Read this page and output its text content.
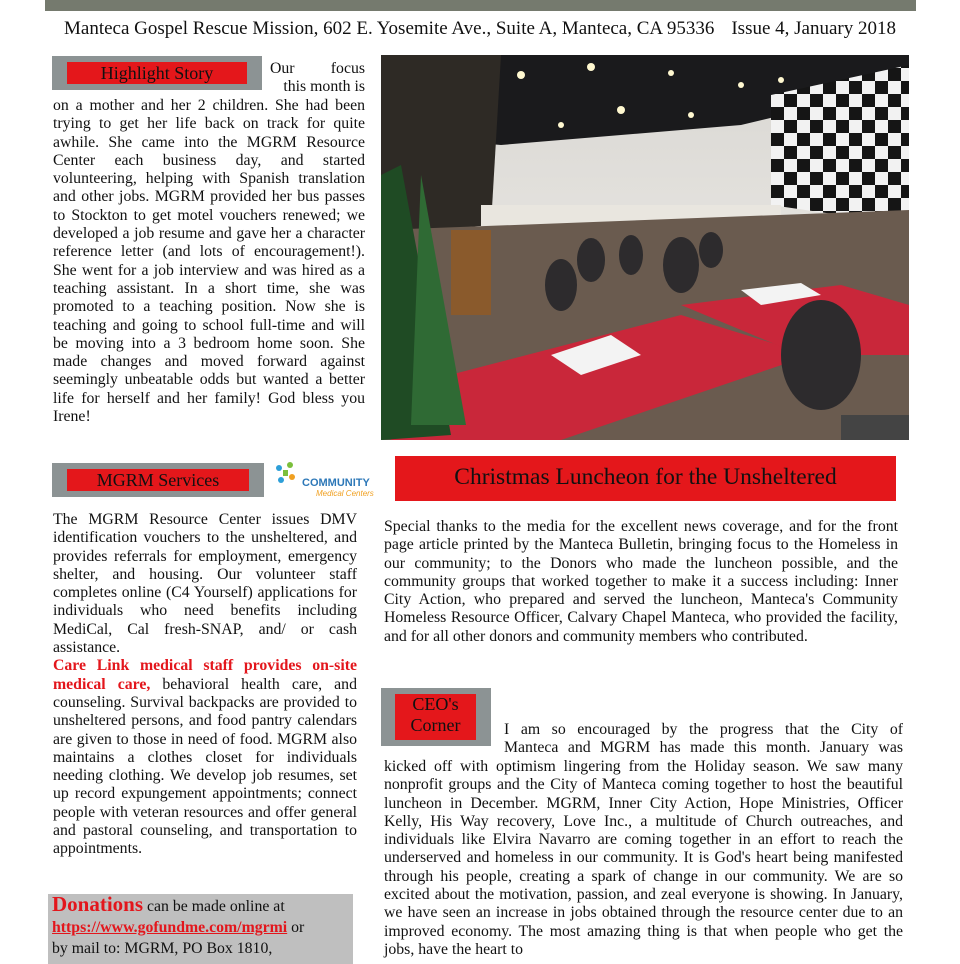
Manteca Gospel Rescue Mission, 602 E. Yosemite Ave., Suite A, Manteca, CA 95336 Issue 4, January 2018
Highlight Story	Our focus
this month is
on a mother and her 2 children. She had been trying to get her life back on track for quite awhile. She came into the MGRM Resource Center each business day, and started volunteering, helping with Spanish translation and other jobs. MGRM provided her bus passes to Stockton to get motel vouchers renewed; we developed a job resume and gave her a character reference letter (and lots of encouragement!). She went for a job interview and was hired as a teaching assistant. In a short time, she was promoted to a teaching position. Now she is teaching and going to school full-time and will be moving into a 3 bedroom home soon. She made changes and moved forward against seemingly unbeatable odds but wanted a better life for herself and her family! God bless you Irene!
MGRM Services	COMMUNITY
Medical Centers

The MGRM Resource Center issues DMV identification vouchers to the unsheltered, and provides referrals for employment, emergency shelter, and housing. Our volunteer staff completes online (C4 Yourself) applications for individuals who need benefits including MediCal, Cal fresh-SNAP, and/ or cash assistance.

Care Link medical staff provides on-site medical care, behavioral health care, and counseling. Survival backpacks are provided to unsheltered persons, and food pantry calendars are given to those in need of food. MGRM also maintains a clothes closet for individuals needing clothing. We develop job resumes, set up record expungement appointments; connect people with veteran resources and offer general and pastoral counseling, and transportation to appointments.

Donations can be made online at
https://www.gofundme.com/mgrmi or
by mail to: MGRM, PO Box 1810,
Christmas Luncheon for the Unsheltered
Special thanks to the media for the excellent news coverage, and for the front page article printed by the Manteca Bulletin, bringing focus to the Homeless in our community; to the Donors who made the luncheon possible, and the community groups that worked together to make it a success including: Inner City Action, who prepared and served the luncheon, Manteca's Community Homeless Resource Officer, Calvary Chapel Manteca, who provided the facility, and for all other donors and community members who contributed.
CEO's
Corner	I am so encouraged by the progress that the City of
Manteca and MGRM has made this month. January was
kicked off with optimism lingering from the Holiday season. We saw many nonprofit groups and the City of Manteca coming together to host the beautiful luncheon in December. MGRM, Inner City Action, Hope Ministries, Officer Kelly, His Way recovery, Love Inc., a multitude of Church outreaches, and individuals like Elvira Navarro are coming together in an effort to reach the underserved and homeless in our community. It is God's heart being manifested through his people, creating a spark of change in our community. We are so excited about the motivation, passion, and zeal everyone is showing. In January, we have seen an increase in jobs obtained through the resource center due to an improved economy. The most amazing thing is that when people who get the jobs, have the heart to
